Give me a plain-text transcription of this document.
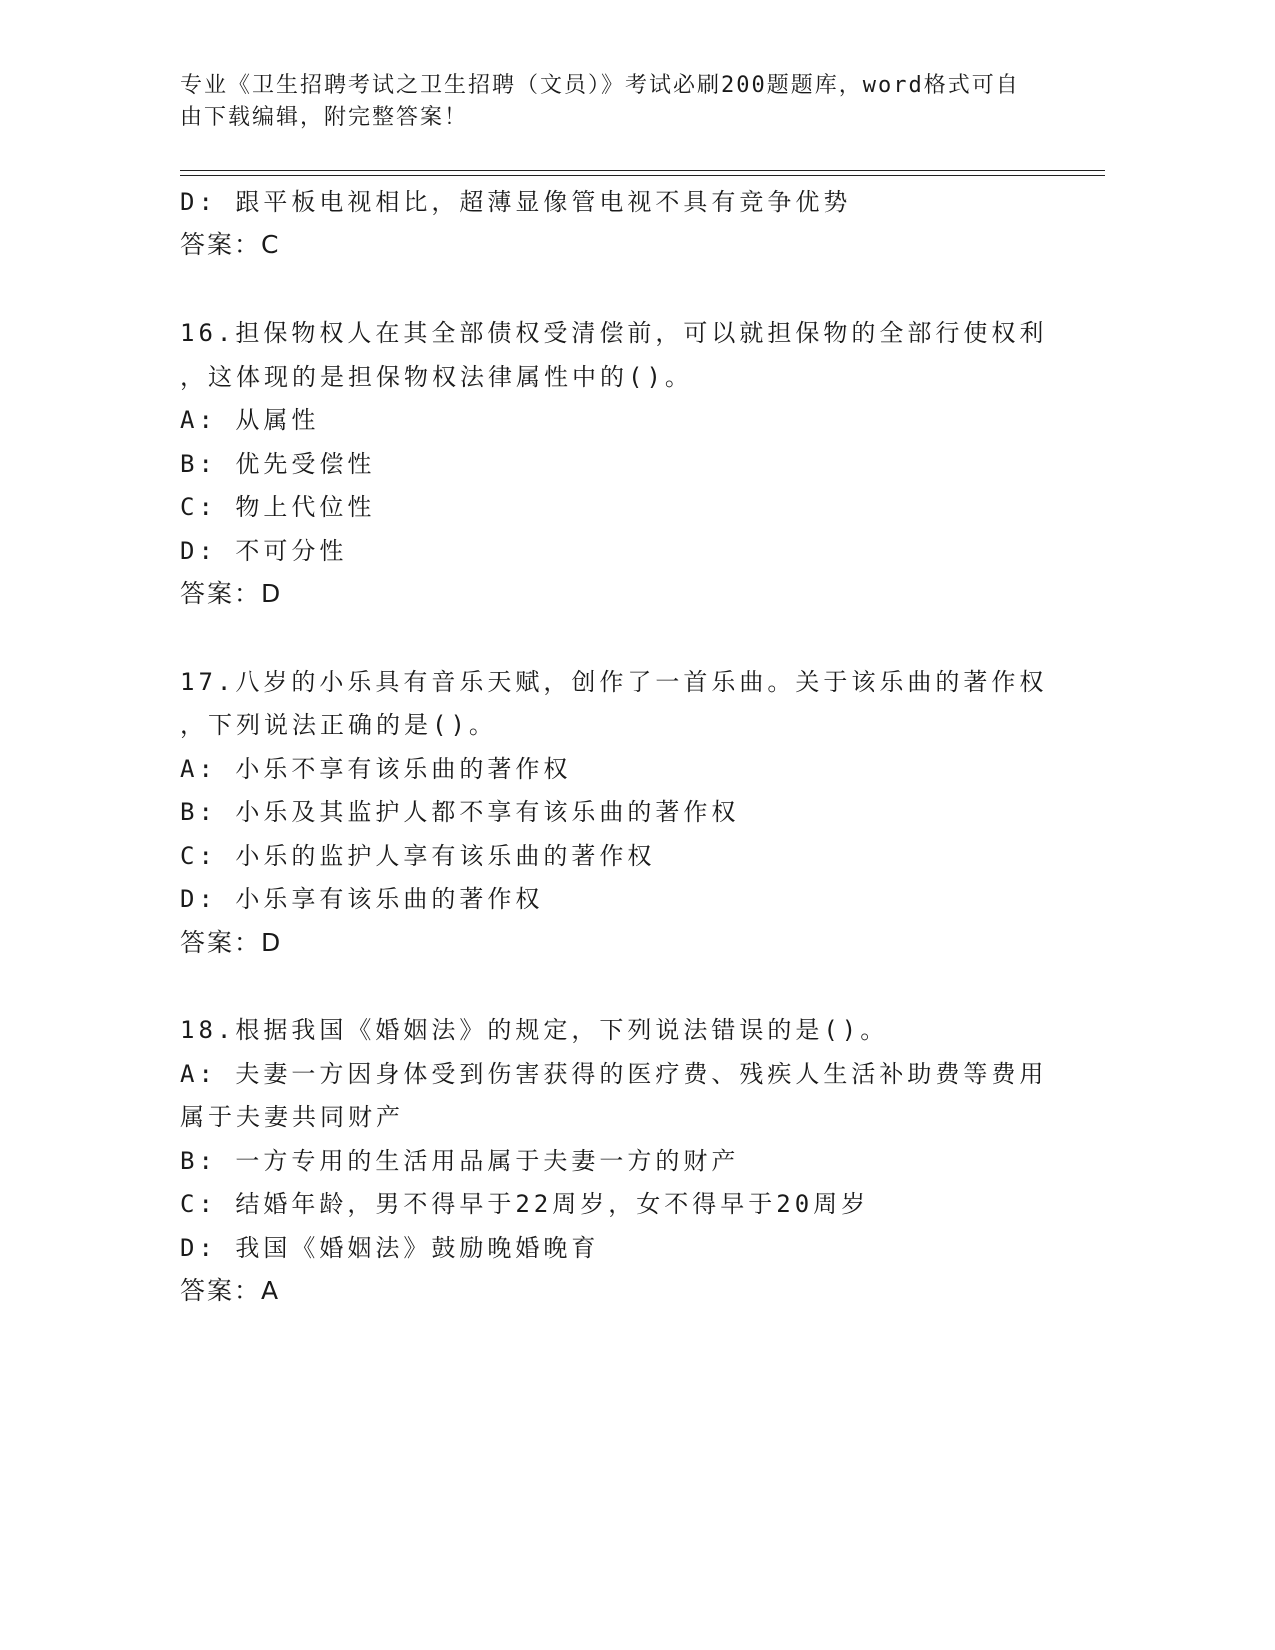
专业《卫生招聘考试之卫生招聘（文员）》考试必刷200题题库，word格式可自由下载编辑，附完整答案！
D: 跟平板电视相比，超薄显像管电视不具有竞争优势
答案：C
16.担保物权人在其全部债权受清偿前，可以就担保物的全部行使权利
，这体现的是担保物权法律属性中的()。
A: 从属性
B: 优先受偿性
C: 物上代位性
D: 不可分性
答案：D
17.八岁的小乐具有音乐天赋，创作了一首乐曲。关于该乐曲的著作权
，下列说法正确的是()。
A: 小乐不享有该乐曲的著作权
B: 小乐及其监护人都不享有该乐曲的著作权
C: 小乐的监护人享有该乐曲的著作权
D: 小乐享有该乐曲的著作权
答案：D
18.根据我国《婚姻法》的规定，下列说法错误的是()。
A: 夫妻一方因身体受到伤害获得的医疗费、残疾人生活补助费等费用
属于夫妻共同财产
B: 一方专用的生活用品属于夫妻一方的财产
C: 结婚年龄，男不得早于22周岁，女不得早于20周岁
D: 我国《婚姻法》鼓励晚婚晚育
答案：A
